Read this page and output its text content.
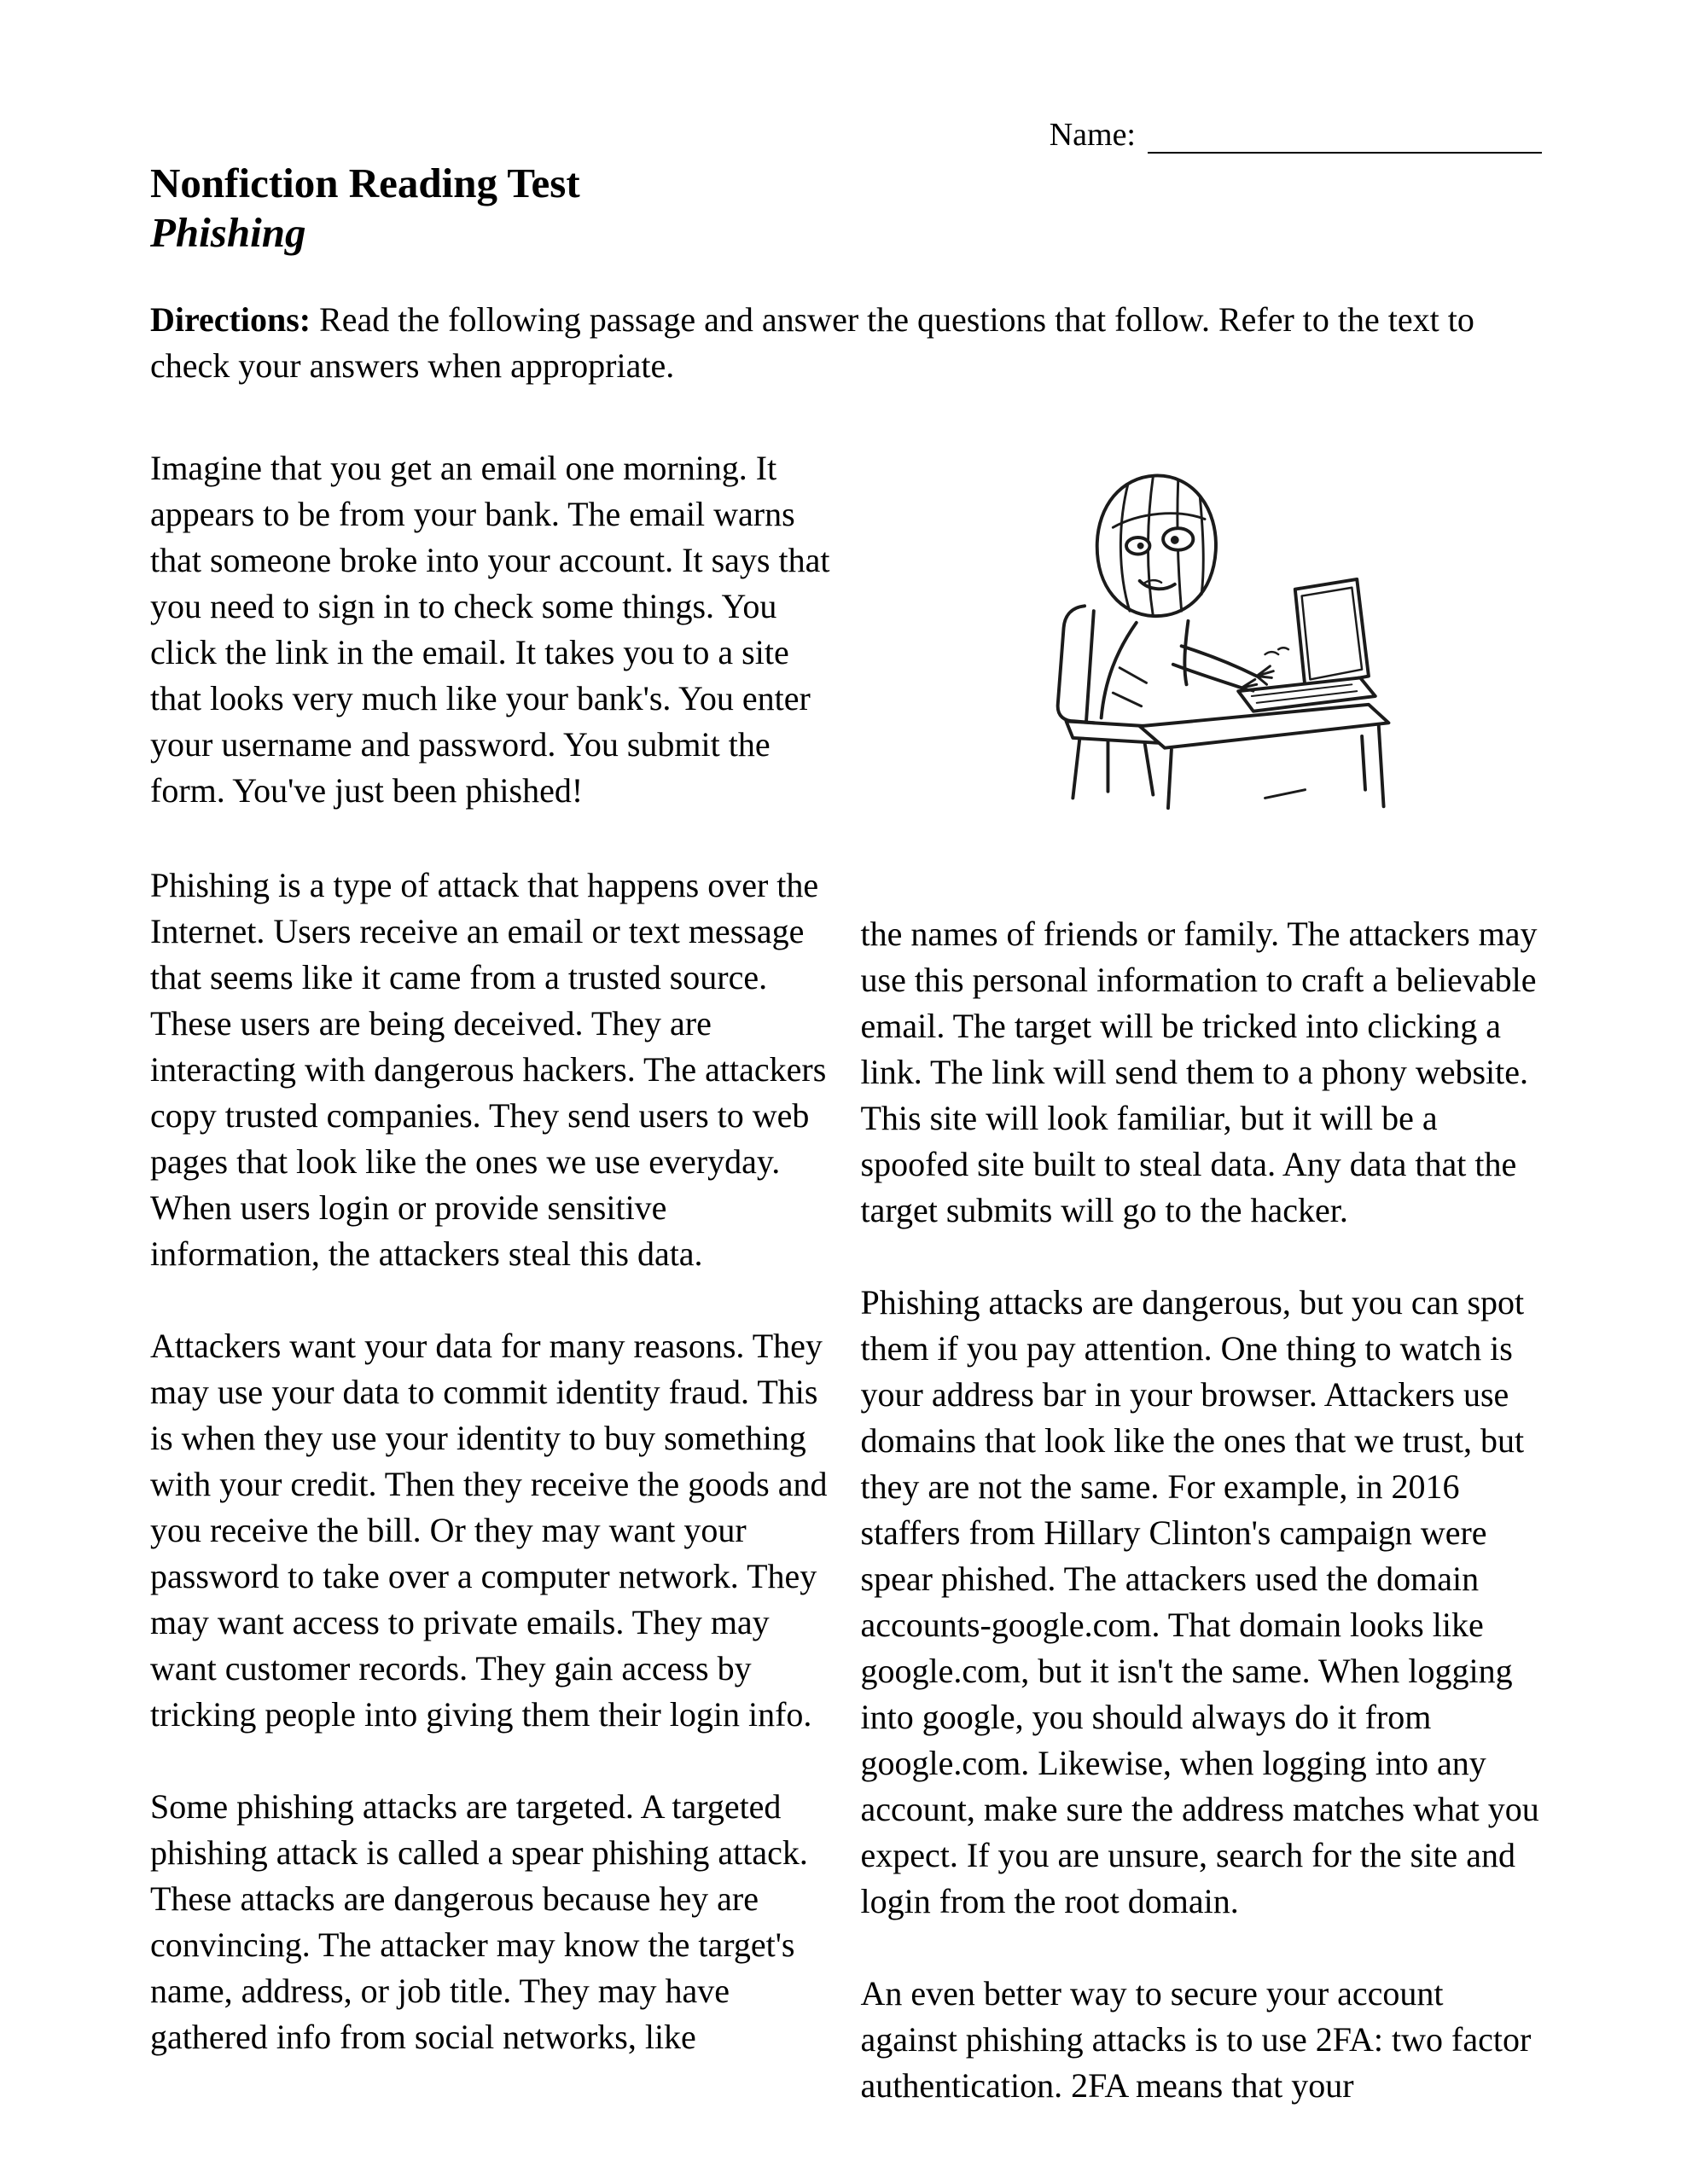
Name:
Nonfiction Reading Test
Phishing

Directions: Read the following passage and answer the questions that follow. Refer to the text to check your answers when appropriate.

Imagine that you get an email one morning. It appears to be from your bank. The email warns that someone broke into your account. It says that you need to sign in to check some things. You click the link in the email. It takes you to a site that looks very much like your bank's. You enter your username and password. You submit the form. You've just been phished!

Phishing is a type of attack that happens over the Internet. Users receive an email or text message that seems like it came from a trusted source. These users are being deceived. They are interacting with dangerous hackers. The attackers copy trusted companies. They send users to web pages that look like the ones we use everyday. When users login or provide sensitive information, the attackers steal this data.

Attackers want your data for many reasons. They may use your data to commit identity fraud. This is when they use your identity to buy something with your credit. Then they receive the goods and you receive the bill. Or they may want your password to take over a computer network. They may want access to private emails. They may want customer records. They gain access by tricking people into giving them their login info.

Some phishing attacks are targeted. A targeted phishing attack is called a spear phishing attack. These attacks are dangerous because hey are convincing. The attacker may know the target's name, address, or job title. They may have gathered info from social networks, like

the names of friends or family. The attackers may use this personal information to craft a believable email. The target will be tricked into clicking a link. The link will send them to a phony website. This site will look familiar, but it will be a spoofed site built to steal data. Any data that the target submits will go to the hacker.

Phishing attacks are dangerous, but you can spot them if you pay attention. One thing to watch is your address bar in your browser. Attackers use domains that look like the ones that we trust, but they are not the same. For example, in 2016 staffers from Hillary Clinton's campaign were spear phished. The attackers used the domain accounts-google.com. That domain looks like google.com, but it isn't the same. When logging into google, you should always do it from google.com. Likewise, when logging into any account, make sure the address matches what you expect. If you are unsure, search for the site and login from the root domain.

An even better way to secure your account against phishing attacks is to use 2FA: two factor authentication. 2FA means that your
